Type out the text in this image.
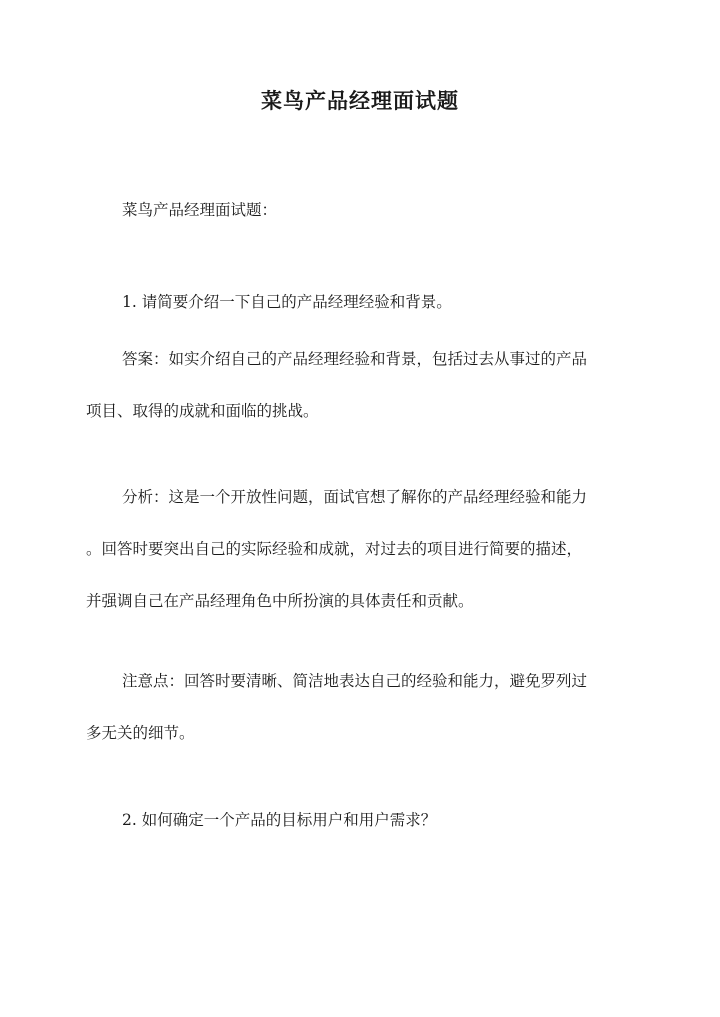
菜鸟产品经理面试题
菜鸟产品经理面试题：
1. 请简要介绍一下自己的产品经理经验和背景。
答案：如实介绍自己的产品经理经验和背景，包括过去从事过的产品
项目、取得的成就和面临的挑战。
分析：这是一个开放性问题，面试官想了解你的产品经理经验和能力
。回答时要突出自己的实际经验和成就，对过去的项目进行简要的描述，
并强调自己在产品经理角色中所扮演的具体责任和贡献。
注意点：回答时要清晰、简洁地表达自己的经验和能力，避免罗列过
多无关的细节。
2. 如何确定一个产品的目标用户和用户需求？
